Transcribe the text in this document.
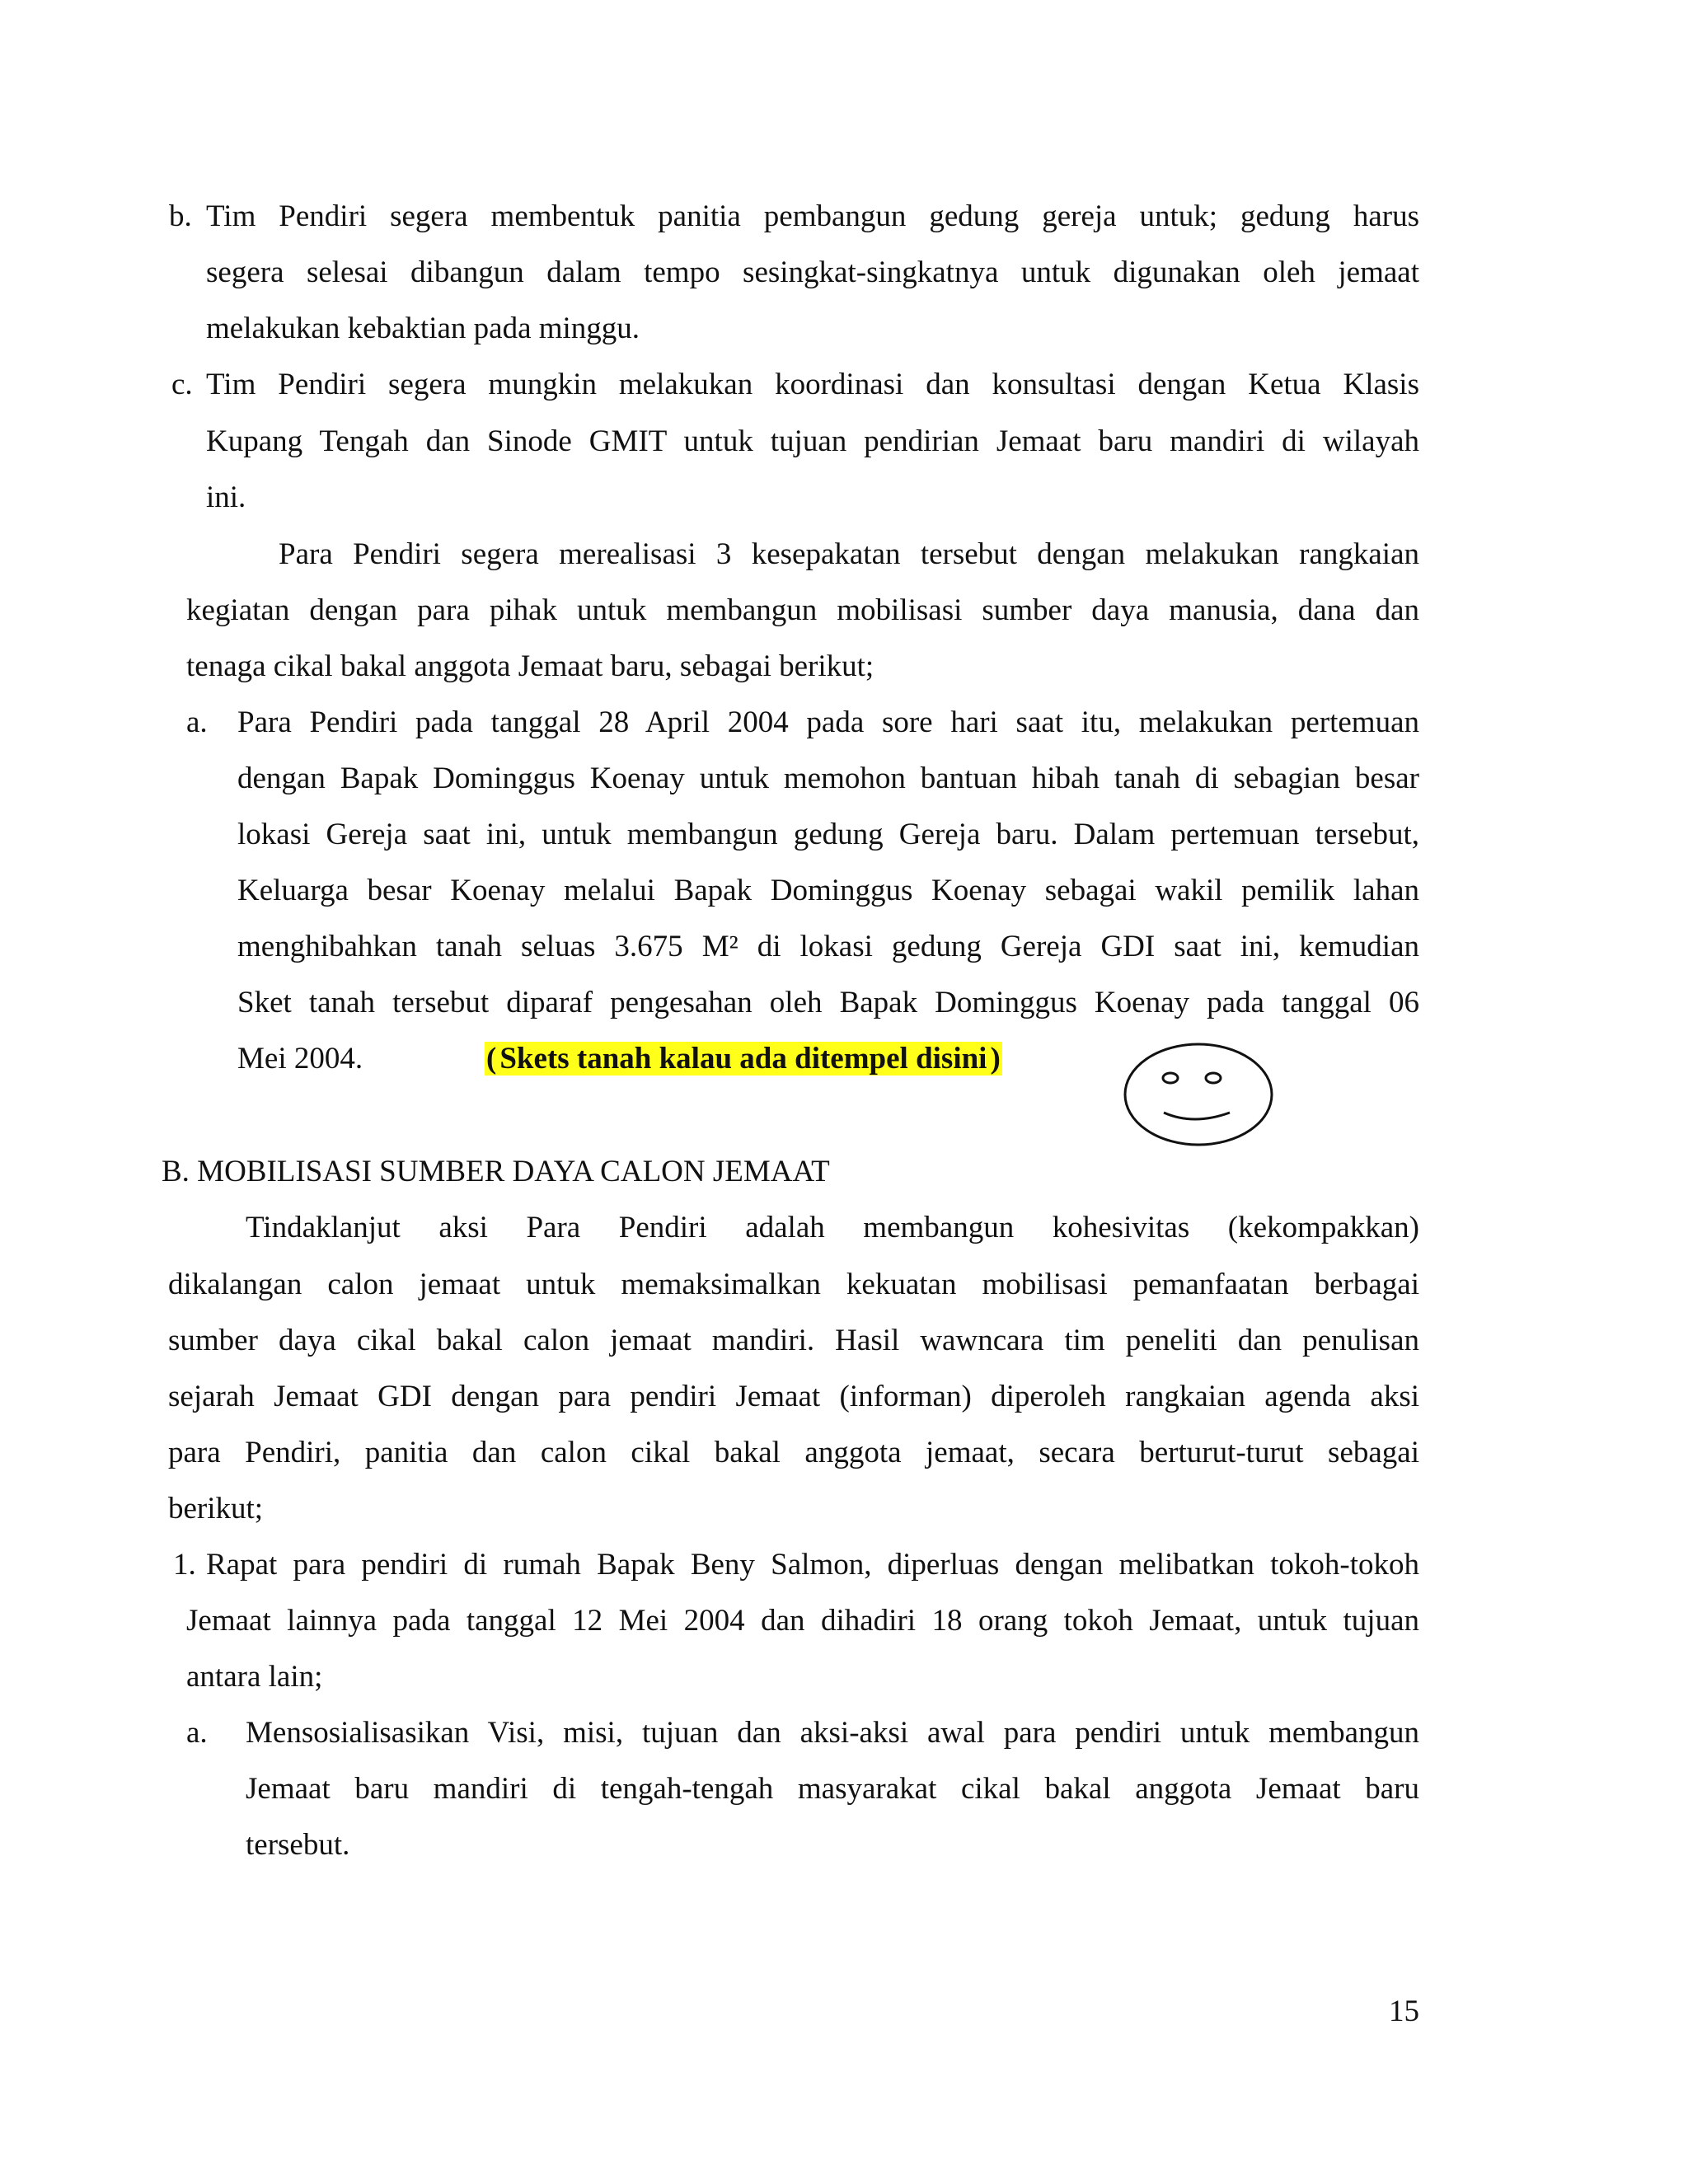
b. Tim Pendiri segera membentuk panitia pembangun gedung gereja untuk; gedung harus
segera selesai dibangun dalam tempo sesingkat-singkatnya untuk digunakan oleh jemaat
melakukan kebaktian pada minggu.
c. Tim Pendiri segera mungkin melakukan koordinasi dan konsultasi dengan Ketua Klasis
Kupang Tengah dan Sinode GMIT untuk tujuan pendirian Jemaat baru mandiri di wilayah
ini.
Para Pendiri segera merealisasi 3 kesepakatan tersebut dengan melakukan rangkaian
kegiatan dengan para pihak untuk membangun mobilisasi sumber daya manusia, dana dan
tenaga cikal bakal anggota Jemaat baru, sebagai berikut;
a. Para Pendiri pada tanggal 28 April 2004 pada sore hari saat itu, melakukan pertemuan
dengan Bapak Dominggus Koenay untuk memohon bantuan hibah tanah di sebagian besar
lokasi Gereja saat ini, untuk membangun gedung Gereja baru. Dalam pertemuan tersebut,
Keluarga besar Koenay melalui Bapak Dominggus Koenay sebagai wakil pemilik lahan
menghibahkan tanah seluas 3.675 M² di lokasi gedung Gereja GDI saat ini, kemudian
Sket tanah tersebut diparaf pengesahan oleh Bapak Dominggus Koenay pada tanggal 06
Mei 2004.	( Skets tanah kalau ada ditempel disini )
B. MOBILISASI SUMBER DAYA CALON JEMAAT
Tindaklanjut aksi Para Pendiri adalah membangun kohesivitas (kekompakkan)
dikalangan calon jemaat untuk memaksimalkan kekuatan mobilisasi pemanfaatan berbagai
sumber daya cikal bakal calon jemaat mandiri. Hasil wawncara tim peneliti dan penulisan
sejarah Jemaat GDI dengan para pendiri Jemaat (informan) diperoleh rangkaian agenda aksi
para Pendiri, panitia dan calon cikal bakal anggota jemaat, secara berturut-turut sebagai
berikut;
1. Rapat para pendiri di rumah Bapak Beny Salmon, diperluas dengan melibatkan tokoh-tokoh
Jemaat lainnya pada tanggal 12 Mei 2004 dan dihadiri 18 orang tokoh Jemaat, untuk tujuan
antara lain;
a. Mensosialisasikan Visi, misi, tujuan dan aksi-aksi awal para pendiri untuk membangun
Jemaat baru mandiri di tengah-tengah masyarakat cikal bakal anggota Jemaat baru
tersebut.
15
